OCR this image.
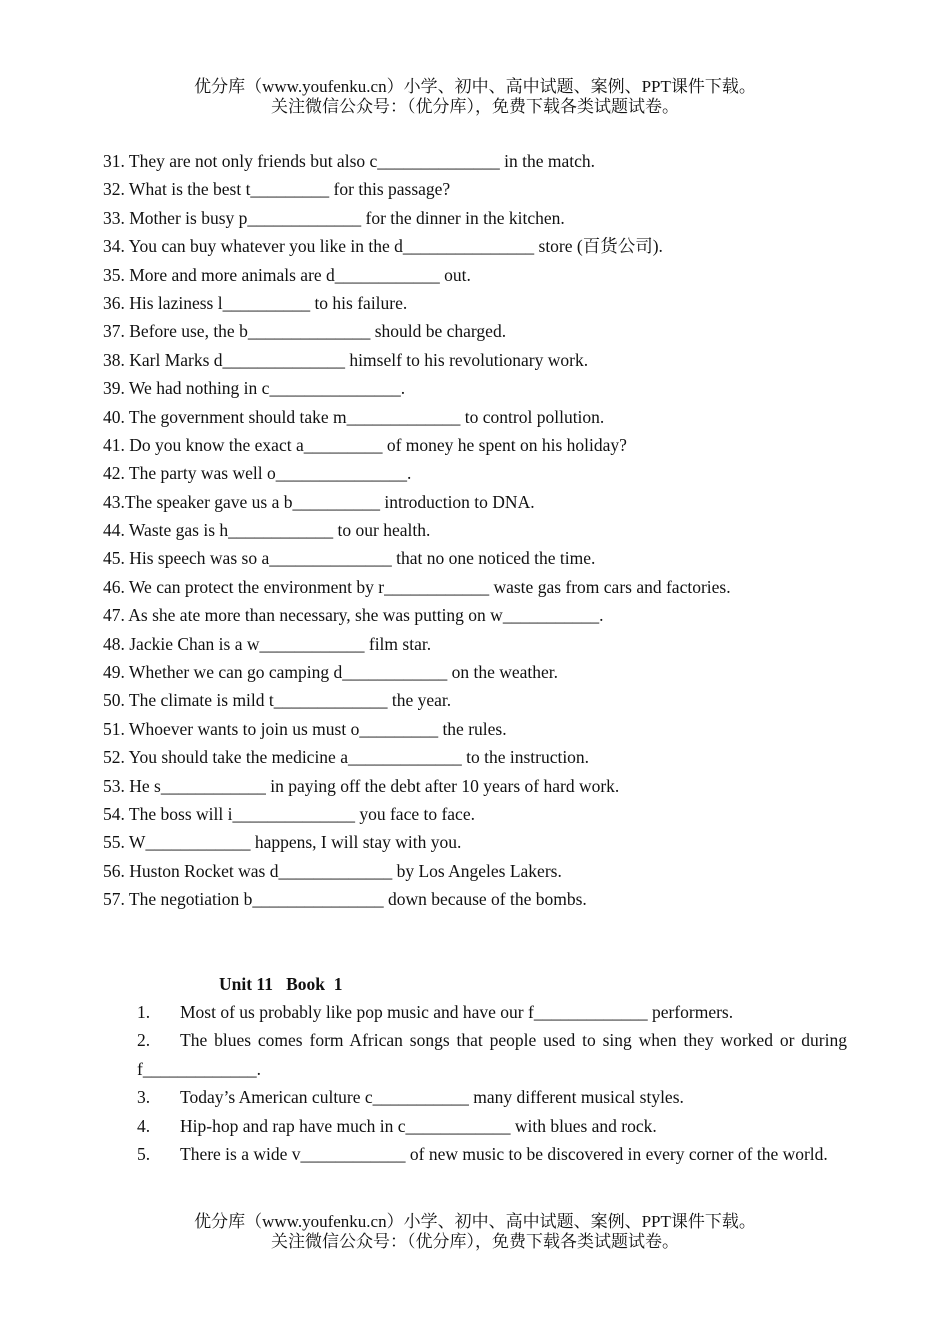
优分库（www.youfenku.cn）小学、初中、高中试题、案例、PPT课件下载。
关注微信公众号：（优分库），免费下载各类试题试卷。
31. They are not only friends but also c______________ in the match.
32. What is the best t_________ for this passage?
33. Mother is busy p_____________ for the dinner in the kitchen.
34. You can buy whatever you like in the d_______________ store (百货公司).
35. More and more animals are d____________ out.
36. His laziness l__________ to his failure.
37. Before use, the b______________ should be charged.
38. Karl Marks d______________ himself to his revolutionary work.
39. We had nothing in c_______________.
40. The government should take m_____________ to control pollution.
41. Do you know the exact a_________ of money he spent on his holiday?
42. The party was well o_______________.
43.The speaker gave us a b__________ introduction to DNA.
44. Waste gas is h____________ to our health.
45. His speech was so a______________ that no one noticed the time.
46. We can protect the environment by r____________ waste gas from cars and factories.
47. As she ate more than necessary, she was putting on w___________.
48. Jackie Chan is a w____________ film star.
49. Whether we can go camping d____________ on the weather.
50. The climate is mild t_____________ the year.
51. Whoever wants to join us must o_________ the rules.
52. You should take the medicine a_____________ to the instruction.
53. He s____________ in paying off the debt after 10 years of hard work.
54. The boss will i______________ you face to face.
55. W____________ happens, I will stay with you.
56. Huston Rocket was d_____________ by Los Angeles Lakers.
57. The negotiation b_______________ down because of the bombs.
Unit 11   Book  1
1. Most of us probably like pop music and have our f_____________ performers.
2. The blues comes form African songs that people used to sing when they worked or during f_____________.
3. Today’s American culture c___________ many different musical styles.
4. Hip-hop and rap have much in c____________ with blues and rock.
5. There is a wide v____________ of new music to be discovered in every corner of the world.
优分库（www.youfenku.cn）小学、初中、高中试题、案例、PPT课件下载。
关注微信公众号：（优分库），免费下载各类试题试卷。
